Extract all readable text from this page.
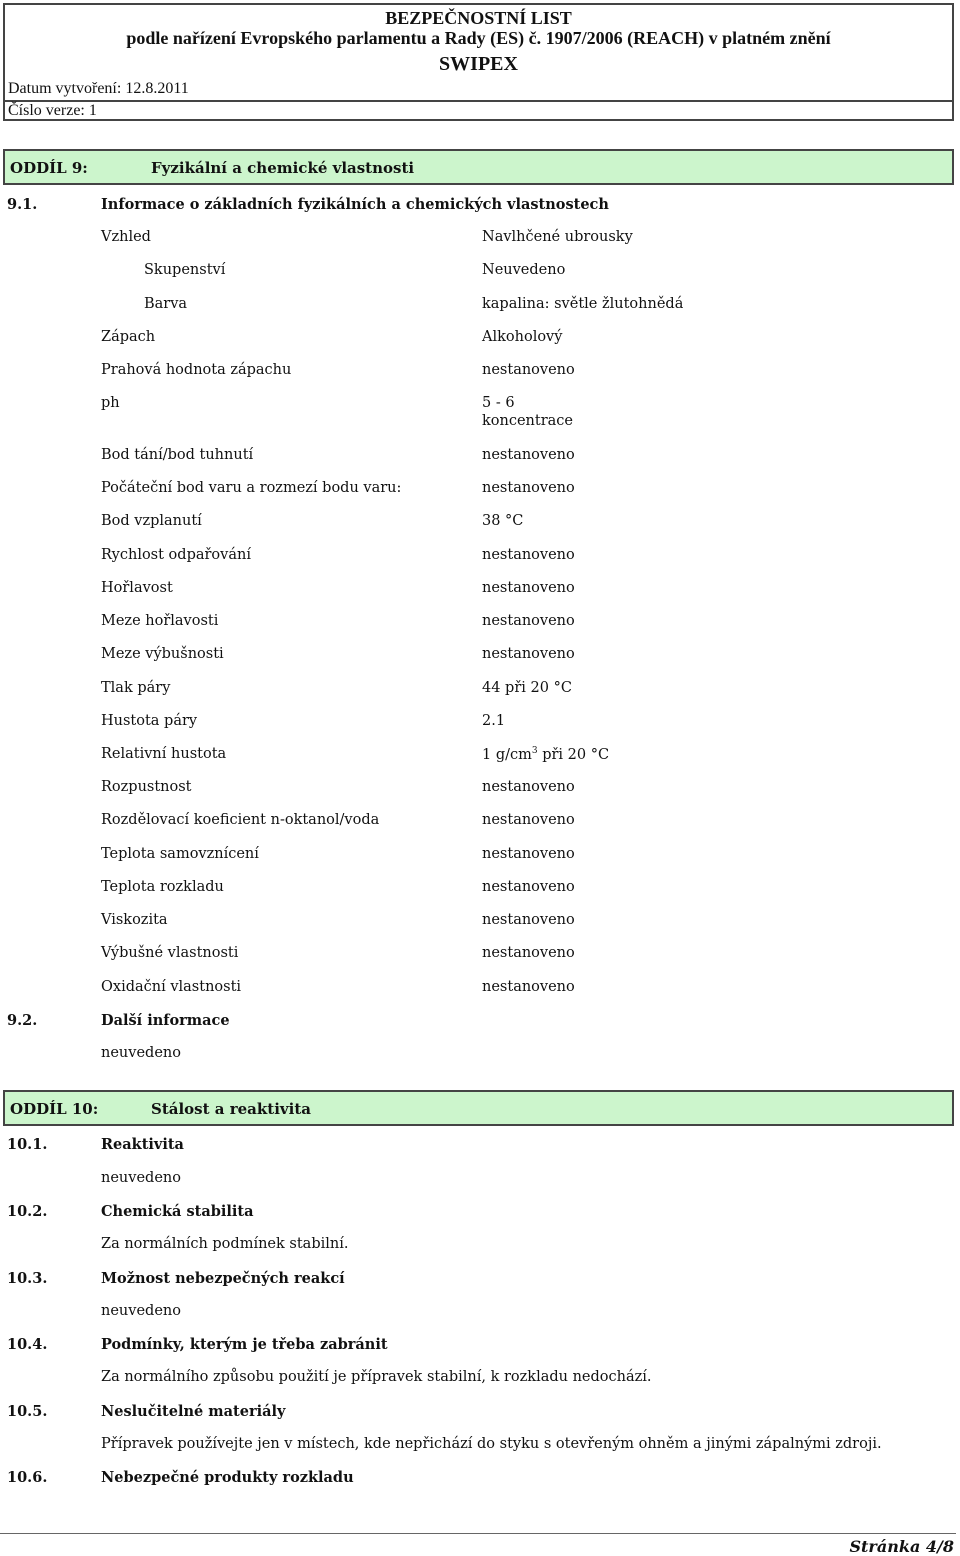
BEZPEČNOSTNÍ LIST
podle nařízení Evropského parlamentu a Rady (ES) č. 1907/2006 (REACH) v platném znění
SWIPEX
Datum vytvoření: 12.8.2011
Číslo verze: 1
ODDÍL 9:	Fyzikální a chemické vlastnosti
9.1.	Informace o základních fyzikálních a chemických vlastnostech
Vzhled	Navlhčené ubrousky
Skupenství	Neuvedeno
Barva	kapalina: světle žlutohnědá
Zápach	Alkoholový
Prahová hodnota zápachu	nestanoveno
ph	5 - 6
koncentrace
Bod tání/bod tuhnutí	nestanoveno
Počáteční bod varu a rozmezí bodu varu:	nestanoveno
Bod vzplanutí	38 °C
Rychlost odpařování	nestanoveno
Hořlavost	nestanoveno
Meze hořlavosti	nestanoveno
Meze výbušnosti	nestanoveno
Tlak páry	44 při 20 °C
Hustota páry	2.1
Relativní hustota	1 $g/cm^3$ při 20 °C
Rozpustnost	nestanoveno
Rozdělovací koeficient n-oktanol/voda	nestanoveno
Teplota samovznícení	nestanoveno
Teplota rozkladu	nestanoveno
Viskozita	nestanoveno
Výbušné vlastnosti	nestanoveno
Oxidační vlastnosti	nestanoveno
9.2.	Další informace
neuvedeno
ODDÍL 10:	Stálost a reaktivita
10.1.	Reaktivita
neuvedeno
10.2.	Chemická stabilita
Za normálních podmínek stabilní.
10.3.	Možnost nebezpečných reakcí
neuvedeno
10.4.	Podmínky, kterým je třeba zabránit
Za normálního způsobu použití je přípravek stabilní, k rozkladu nedochází.
10.5.	Neslučitelné materiály
Přípravek používejte jen v místech, kde nepřichází do styku s otevřeným ohněm a jinými zápalnými zdroji.
10.6.	Nebezpečné produkty rozkladu
Stránka 4/8
